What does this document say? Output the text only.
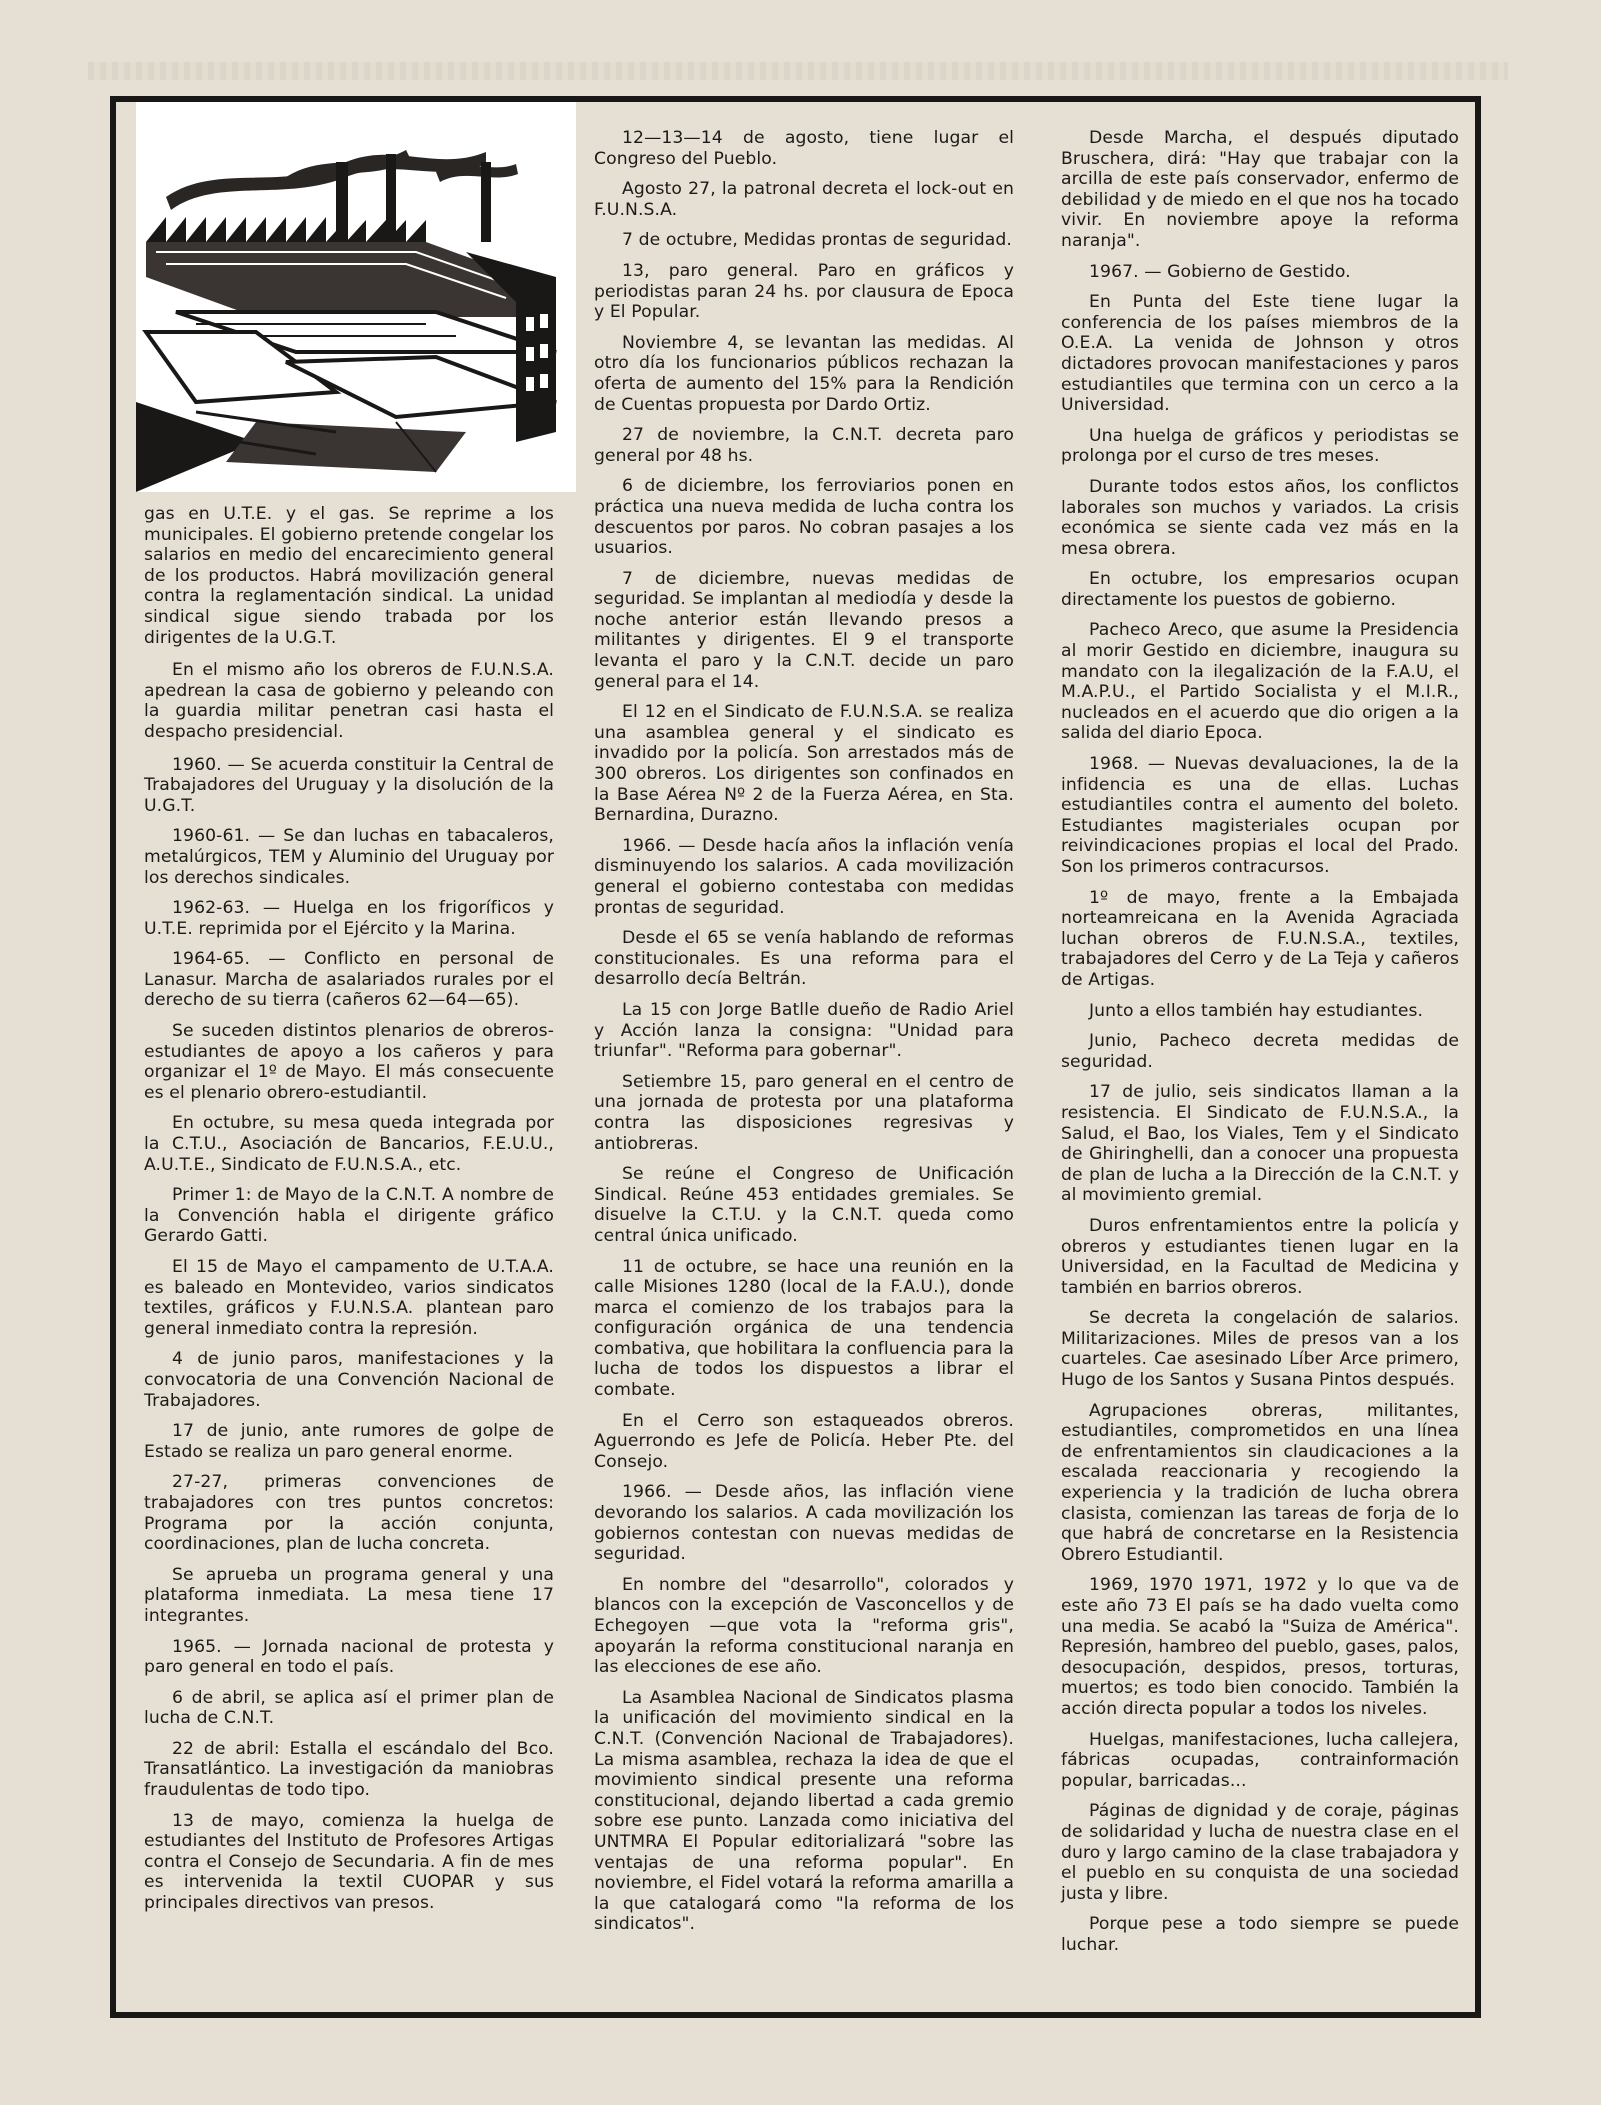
gas en U.T.E. y el gas. Se reprime a los municipales. El gobierno pretende congelar los salarios en medio del encarecimiento general de los productos. Habrá movilización general contra la reglamentación sindical. La unidad sindical sigue siendo trabada por los dirigentes de la U.G.T.

En el mismo año los obreros de F.U.N.S.A. apedrean la casa de gobierno y peleando con la guardia militar penetran casi hasta el despacho presidencial.

1960. — Se acuerda constituir la Central de Trabajadores del Uruguay y la disolución de la U.G.T.

1960-61. — Se dan luchas en tabacaleros, metalúrgicos, TEM y Aluminio del Uruguay por los derechos sindicales.

1962-63. — Huelga en los frigoríficos y U.T.E. reprimida por el Ejército y la Marina.

1964-65. — Conflicto en personal de Lanasur. Marcha de asalariados rurales por el derecho de su tierra (cañeros 62—64—65).

Se suceden distintos plenarios de obreros-estudiantes de apoyo a los cañeros y para organizar el 1º de Mayo. El más consecuente es el plenario obrero-estudiantil.

En octubre, su mesa queda integrada por la C.T.U., Asociación de Bancarios, F.E.U.U., A.U.T.E., Sindicato de F.U.N.S.A., etc.

Primer 1: de Mayo de la C.N.T. A nombre de la Convención habla el dirigente gráfico Gerardo Gatti.

El 15 de Mayo el campamento de U.T.A.A. es baleado en Montevideo, varios sindicatos textiles, gráficos y F.U.N.S.A. plantean paro general inmediato contra la represión.

4 de junio paros, manifestaciones y la convocatoria de una Convención Nacional de Trabajadores.

17 de junio, ante rumores de golpe de Estado se realiza un paro general enorme.

27-27, primeras convenciones de trabajadores con tres puntos concretos: Programa por la acción conjunta, coordinaciones, plan de lucha concreta.

Se aprueba un programa general y una plataforma inmediata. La mesa tiene 17 integrantes.

1965. — Jornada nacional de protesta y paro general en todo el país.

6 de abril, se aplica así el primer plan de lucha de C.N.T.

22 de abril: Estalla el escándalo del Bco. Transatlántico. La investigación da maniobras fraudulentas de todo tipo.

13 de mayo, comienza la huelga de estudiantes del Instituto de Profesores Artigas contra el Consejo de Secundaria. A fin de mes es intervenida la textil CUOPAR y sus principales directivos van presos.

12—13—14 de agosto, tiene lugar el Congreso del Pueblo.

Agosto 27, la patronal decreta el lock-out en F.U.N.S.A.

7 de octubre, Medidas prontas de seguridad.

13, paro general. Paro en gráficos y periodistas paran 24 hs. por clausura de Epoca y El Popular.

Noviembre 4, se levantan las medidas. Al otro día los funcionarios públicos rechazan la oferta de aumento del 15% para la Rendición de Cuentas propuesta por Dardo Ortiz.

27 de noviembre, la C.N.T. decreta paro general por 48 hs.

6 de diciembre, los ferroviarios ponen en práctica una nueva medida de lucha contra los descuentos por paros. No cobran pasajes a los usuarios.

7 de diciembre, nuevas medidas de seguridad. Se implantan al mediodía y desde la noche anterior están llevando presos a militantes y dirigentes. El 9 el transporte levanta el paro y la C.N.T. decide un paro general para el 14.

El 12 en el Sindicato de F.U.N.S.A. se realiza una asamblea general y el sindicato es invadido por la policía. Son arrestados más de 300 obreros. Los dirigentes son confinados en la Base Aérea Nº 2 de la Fuerza Aérea, en Sta. Bernardina, Durazno.

1966. — Desde hacía años la inflación venía disminuyendo los salarios. A cada movilización general el gobierno contestaba con medidas prontas de seguridad.

Desde el 65 se venía hablando de reformas constitucionales. Es una reforma para el desarrollo decía Beltrán.

La 15 con Jorge Batlle dueño de Radio Ariel y Acción lanza la consigna: "Unidad para triunfar". "Reforma para gobernar".

Setiembre 15, paro general en el centro de una jornada de protesta por una plataforma contra las disposiciones regresivas y antiobreras.

Se reúne el Congreso de Unificación Sindical. Reúne 453 entidades gremiales. Se disuelve la C.T.U. y la C.N.T. queda como central única unificado.

11 de octubre, se hace una reunión en la calle Misiones 1280 (local de la F.A.U.), donde marca el comienzo de los trabajos para la configuración orgánica de una tendencia combativa, que hobilitara la confluencia para la lucha de todos los dispuestos a librar el combate.

En el Cerro son estaqueados obreros. Aguerrondo es Jefe de Policía. Heber Pte. del Consejo.

1966. — Desde años, las inflación viene devorando los salarios. A cada movilización los gobiernos contestan con nuevas medidas de seguridad.

En nombre del "desarrollo", colorados y blancos con la excepción de Vasconcellos y de Echegoyen —que vota la "reforma gris", apoyarán la reforma constitucional naranja en las elecciones de ese año.

La Asamblea Nacional de Sindicatos plasma la unificación del movimiento sindical en la C.N.T. (Convención Nacional de Trabajadores). La misma asamblea, rechaza la idea de que el movimiento sindical presente una reforma constitucional, dejando libertad a cada gremio sobre ese punto. Lanzada como iniciativa del UNTMRA El Popular editorializará "sobre las ventajas de una reforma popular". En noviembre, el Fidel votará la reforma amarilla a la que catalogará como "la reforma de los sindicatos".

Desde Marcha, el después diputado Bruschera, dirá: "Hay que trabajar con la arcilla de este país conservador, enfermo de debilidad y de miedo en el que nos ha tocado vivir. En noviembre apoye la reforma naranja".

1967. — Gobierno de Gestido.

En Punta del Este tiene lugar la conferencia de los países miembros de la O.E.A. La venida de Johnson y otros dictadores provocan manifestaciones y paros estudiantiles que termina con un cerco a la Universidad.

Una huelga de gráficos y periodistas se prolonga por el curso de tres meses.

Durante todos estos años, los conflictos laborales son muchos y variados. La crisis económica se siente cada vez más en la mesa obrera.

En octubre, los empresarios ocupan directamente los puestos de gobierno.

Pacheco Areco, que asume la Presidencia al morir Gestido en diciembre, inaugura su mandato con la ilegalización de la F.A.U, el M.A.P.U., el Partido Socialista y el M.I.R., nucleados en el acuerdo que dio origen a la salida del diario Epoca.

1968. — Nuevas devaluaciones, la de la infidencia es una de ellas. Luchas estudiantiles contra el aumento del boleto. Estudiantes magisteriales ocupan por reivindicaciones propias el local del Prado. Son los primeros contracursos.

1º de mayo, frente a la Embajada norteamreicana en la Avenida Agraciada luchan obreros de F.U.N.S.A., textiles, trabajadores del Cerro y de La Teja y cañeros de Artigas.

Junto a ellos también hay estudiantes.

Junio, Pacheco decreta medidas de seguridad.

17 de julio, seis sindicatos llaman a la resistencia. El Sindicato de F.U.N.S.A., la Salud, el Bao, los Viales, Tem y el Sindicato de Ghiringhelli, dan a conocer una propuesta de plan de lucha a la Dirección de la C.N.T. y al movimiento gremial.

Duros enfrentamientos entre la policía y obreros y estudiantes tienen lugar en la Universidad, en la Facultad de Medicina y también en barrios obreros.

Se decreta la congelación de salarios. Militarizaciones. Miles de presos van a los cuarteles. Cae asesinado Líber Arce primero, Hugo de los Santos y Susana Pintos después.

Agrupaciones obreras, militantes, estudiantiles, comprometidos en una línea de enfrentamientos sin claudicaciones a la escalada reaccionaria y recogiendo la experiencia y la tradición de lucha obrera clasista, comienzan las tareas de forja de lo que habrá de concretarse en la Resistencia Obrero Estudiantil.

1969, 1970 1971, 1972 y lo que va de este año 73 El país se ha dado vuelta como una media. Se acabó la "Suiza de América". Represión, hambreo del pueblo, gases, palos, desocupación, despidos, presos, torturas, muertos; es todo bien conocido. También la acción directa popular a todos los niveles.

Huelgas, manifestaciones, lucha callejera, fábricas ocupadas, contrainformación popular, barricadas...

Páginas de dignidad y de coraje, páginas de solidaridad y lucha de nuestra clase en el duro y largo camino de la clase trabajadora y el pueblo en su conquista de una sociedad justa y libre.

Porque pese a todo siempre se puede luchar.
